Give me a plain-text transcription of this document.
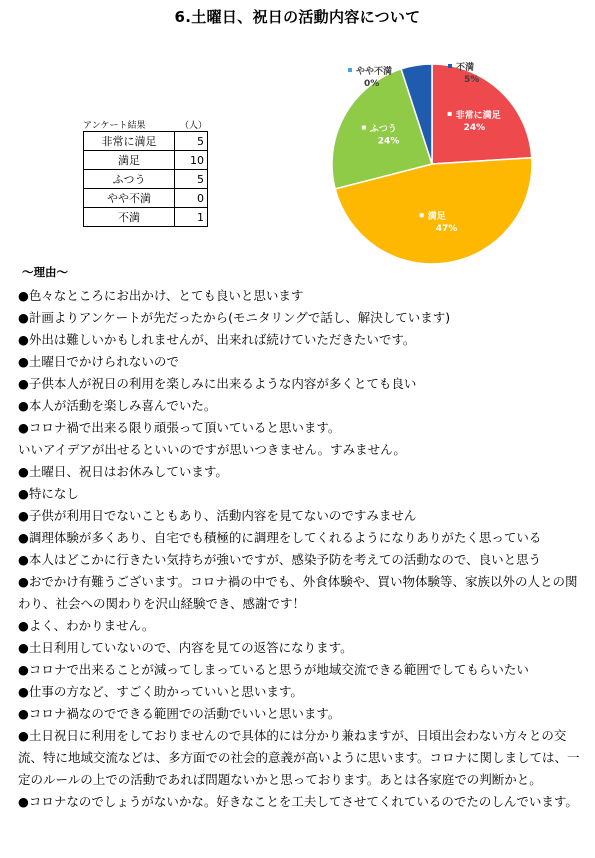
6.土曜日、祝日の活動内容について
アンケート結果	（人）
非常に満足	5
満足	10
ふつう	5
やや不満	0
不満	1
非常に満足
24%
満足
47%
ふつう
24%
やや不満
0%
不満
5%
〜理由〜
●色々なところにお出かけ、とても良いと思います
●計画よりアンケートが先だったから(モニタリングで話し、解決しています)
●外出は難しいかもしれませんが、出来れば続けていただきたいです。
●土曜日でかけられないので
●子供本人が祝日の利用を楽しみに出来るような内容が多くとても良い
●本人が活動を楽しみ喜んでいた。
●コロナ禍で出来る限り頑張って頂いていると思います。
いいアイデアが出せるといいのですが思いつきません。すみません。
●土曜日、祝日はお休みしています。
●特になし
●子供が利用日でないこともあり、活動内容を見てないのですみません
●調理体験が多くあり、自宅でも積極的に調理をしてくれるようになりありがたく思っている
●本人はどこかに行きたい気持ちが強いですが、感染予防を考えての活動なので、良いと思う
●おでかけ有難うございます。コロナ禍の中でも、外食体験や、買い物体験等、家族以外の人との関わり、社会への関わりを沢山経験でき、感謝です！
●よく、わかりません。
●土日利用していないので、内容を見ての返答になります。
●コロナで出来ることが減ってしまっていると思うが地域交流できる範囲でしてもらいたい
●仕事の方など、すごく助かっていいと思います。
●コロナ禍なのでできる範囲での活動でいいと思います。
●土日祝日に利用をしておりませんので具体的には分かり兼ねますが、日頃出会わない方々との交流、特に地域交流などは、多方面での社会的意義が高いように思います。コロナに関しましては、一定のルールの上での活動であれば問題ないかと思っております。あとは各家庭での判断かと。
●コロナなのでしょうがないかな。好きなことを工夫してさせてくれているのでたのしんでいます。
